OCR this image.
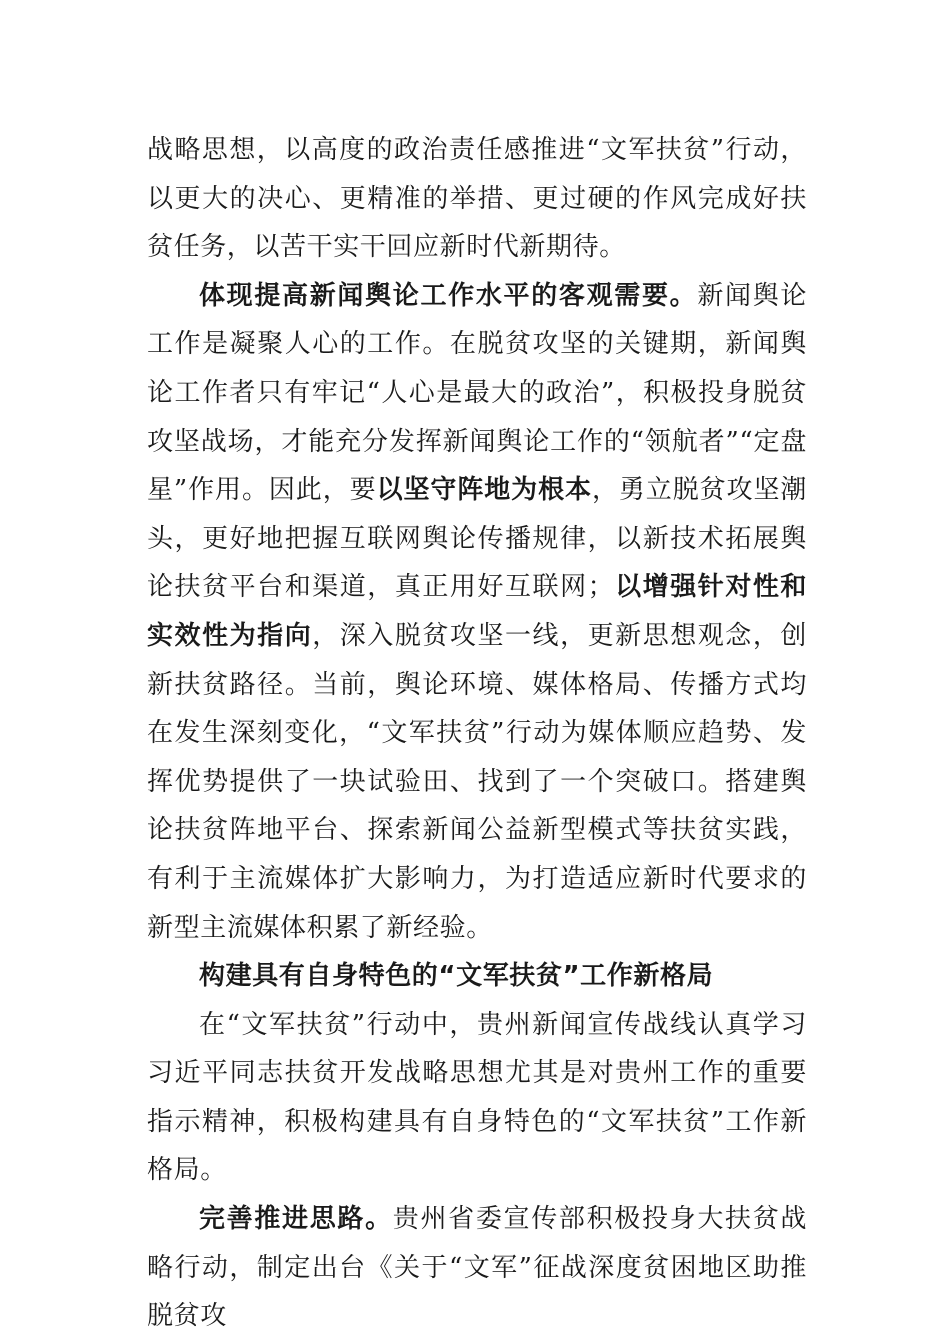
战略思想，以高度的政治责任感推进“文军扶贫”行动，以更大的决心、更精准的举措、更过硬的作风完成好扶贫任务，以苦干实干回应新时代新期待。

体现提高新闻舆论工作水平的客观需要。新闻舆论工作是凝聚人心的工作。在脱贫攻坚的关键期，新闻舆论工作者只有牢记“人心是最大的政治”，积极投身脱贫攻坚战场，才能充分发挥新闻舆论工作的“领航者”“定盘星”作用。因此，要以坚守阵地为根本，勇立脱贫攻坚潮头，更好地把握互联网舆论传播规律，以新技术拓展舆论扶贫平台和渠道，真正用好互联网；以增强针对性和实效性为指向，深入脱贫攻坚一线，更新思想观念，创新扶贫路径。当前，舆论环境、媒体格局、传播方式均在发生深刻变化，“文军扶贫”行动为媒体顺应趋势、发挥优势提供了一块试验田、找到了一个突破口。搭建舆论扶贫阵地平台、探索新闻公益新型模式等扶贫实践，有利于主流媒体扩大影响力，为打造适应新时代要求的新型主流媒体积累了新经验。

构建具有自身特色的“文军扶贫”工作新格局

在“文军扶贫”行动中，贵州新闻宣传战线认真学习习近平同志扶贫开发战略思想尤其是对贵州工作的重要指示精神，积极构建具有自身特色的“文军扶贫”工作新格局。

完善推进思路。贵州省委宣传部积极投身大扶贫战略行动，制定出台《关于“文军”征战深度贫困地区助推脱贫攻
